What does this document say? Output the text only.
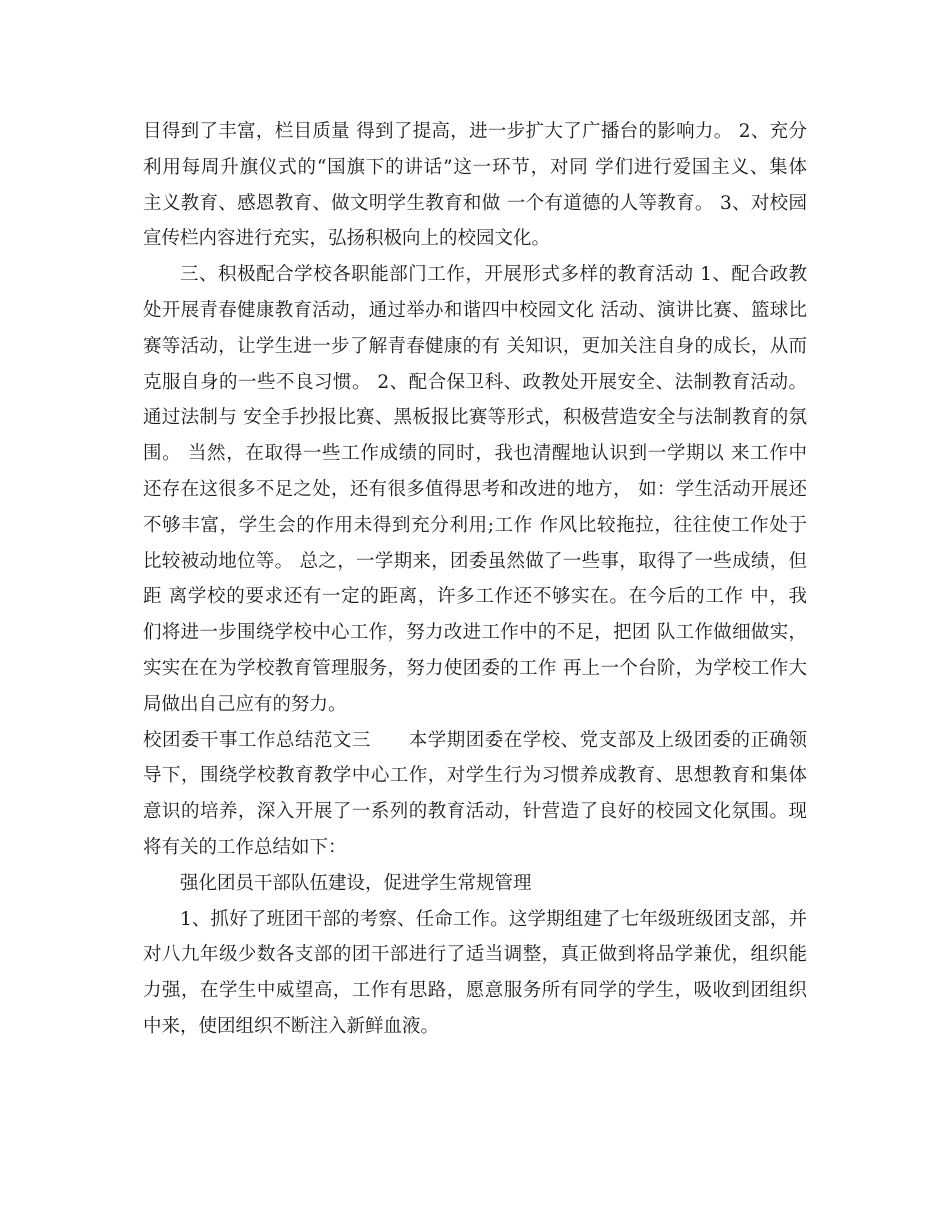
目得到了丰富，栏目质量 得到了提高，进一步扩大了广播台的影响力。 2、充分
利用每周升旗仪式的“国旗下的讲话”这一环节，对同 学们进行爱国主义、集体
主义教育、感恩教育、做文明学生教育和做 一个有道德的人等教育。 3、对校园
宣传栏内容进行充实，弘扬积极向上的校园文化。
三、积极配合学校各职能部门工作，开展形式多样的教育活动 1、配合政教
处开展青春健康教育活动，通过举办和谐四中校园文化 活动、演讲比赛、篮球比
赛等活动，让学生进一步了解青春健康的有 关知识，更加关注自身的成长，从而
克服自身的一些不良习惯。 2、配合保卫科、政教处开展安全、法制教育活动。
通过法制与 安全手抄报比赛、黑板报比赛等形式，积极营造安全与法制教育的氛
围。 当然，在取得一些工作成绩的同时，我也清醒地认识到一学期以 来工作中
还存在这很多不足之处，还有很多值得思考和改进的地方， 如：学生活动开展还
不够丰富，学生会的作用未得到充分利用;工作 作风比较拖拉，往往使工作处于
比较被动地位等。 总之，一学期来，团委虽然做了一些事，取得了一些成绩，但
距 离学校的要求还有一定的距离，许多工作还不够实在。在今后的工作 中，我
们将进一步围绕学校中心工作，努力改进工作中的不足，把团 队工作做细做实，
实实在在为学校教育管理服务，努力使团委的工作 再上一个台阶，为学校工作大
局做出自己应有的努力。
校团委干事工作总结范文三　　本学期团委在学校、党支部及上级团委的正确领
导下，围绕学校教育教学中心工作，对学生行为习惯养成教育、思想教育和集体
意识的培养，深入开展了一系列的教育活动，针营造了良好的校园文化氛围。现
将有关的工作总结如下：
强化团员干部队伍建设，促进学生常规管理
1、抓好了班团干部的考察、任命工作。这学期组建了七年级班级团支部，并
对八九年级少数各支部的团干部进行了适当调整，真正做到将品学兼优，组织能
力强，在学生中威望高，工作有思路，愿意服务所有同学的学生，吸收到团组织
中来，使团组织不断注入新鲜血液。
